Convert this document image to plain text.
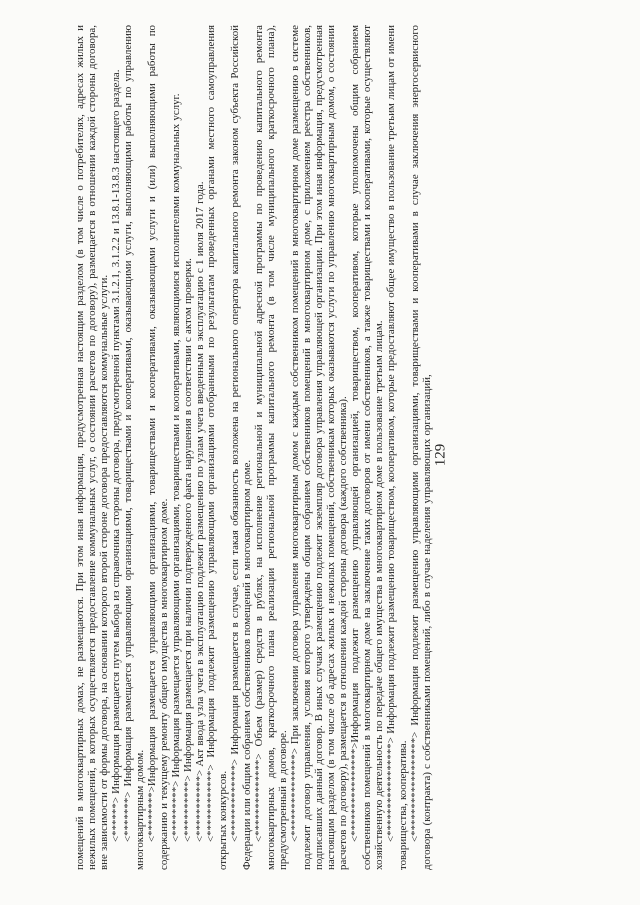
129

помещений в многоквартирных домах, не размещаются. При этом иная информация, предусмотренная настоящим разделом (в том числе о потребителях, адресах жилых и нежилых помещений, в которых осуществляется предоставление коммунальных услуг, о состоянии расчетов по договору), размещается в отношении каждой стороны договора, вне зависимости от формы договора, на основании которого второй стороне договора предоставляются коммунальные услуги. <******> Информация размещается путем выбора из справочника стороны договора, предусмотренной пунктами 3.1.2.1, 3.1.2.2 и 13.8.1-13.8.3 настоящего раздела. <*******> Информация размещается управляющими организациями, товариществами и кооперативами, оказывающими услуги, выполняющими работы по управлению многоквартирным домом. <********>Информация размещается управляющими организациями, товариществами и кооперативами, оказывающими услуги и (или) выполняющими работы по содержанию и текущему ремонту общего имущества в многоквартирном доме. <*********> Информация размещается управляющими организациями, товариществами и кооперативами, являющимися исполнителями коммунальных услуг. <**********> Информация размещается при наличии подтвержденного факта нарушения в соответствии с актом проверки. <***********> Акт ввода узла учета в эксплуатацию подлежит размещению по узлам учета введенным в эксплуатацию с 1 июля 2017 года. <************> Информация подлежит размещению управляющими организациями отобранными по результатам проведенных органами местного самоуправления открытых конкурсов. <*************> Информация размещается в случае, если такая обязанность возложена на регионального оператора капитального ремонта законом субъекта Российской Федерации или общим собранием собственников помещений в многоквартирном доме. <**************> Объем (размер) средств в рублях, на исполнение региональной и муниципальной адресной программы по проведению капитального ремонта многоквартирных домов, краткосрочного плана реализации региональной программы капитального ремонта (в том числе муниципального краткосрочного плана), предусмотренный в договоре. <***************> При заключении договора управления многоквартирным домом с каждым собственником помещений в многоквартирном доме размещению в системе подлежит договор управления, условия которого утверждены общим собранием собственников помещений в многоквартирном доме, с приложением реестра собственников, подписавших данный договор. В иных случаях размещению подлежит экземпляр договора управления управляющей организации. При этом иная информация, предусмотренная настоящим разделом (в том числе об адресах жилых и нежилых помещений, собственникам которых оказываются услуги по управлению многоквартирным домом, о состоянии расчетов по договору), размещается в отношении каждой стороны договора (каждого собственника). <****************>Информация подлежит размещению управляющей организацией, товариществом, кооперативом, которые уполномочены общим собранием собственников помещений в многоквартирном доме на заключение таких договоров от имени собственников, а также товариществами и кооперативами, которые осуществляют хозяйственную деятельность по передаче общего имущества в многоквартирном доме в пользование третьим лицам. <*****************> Информация подлежит размещению товариществом, кооперативом, которые предоставляют общее имущество в пользование третьим лицам от имени товарищества, кооператива. <******************> Информация подлежит размещению управляющими организациями, товариществами и кооперативами в случае заключения энергосервисного договора (контракта) с собственниками помещений, либо в случае наделения управляющих организаций,
